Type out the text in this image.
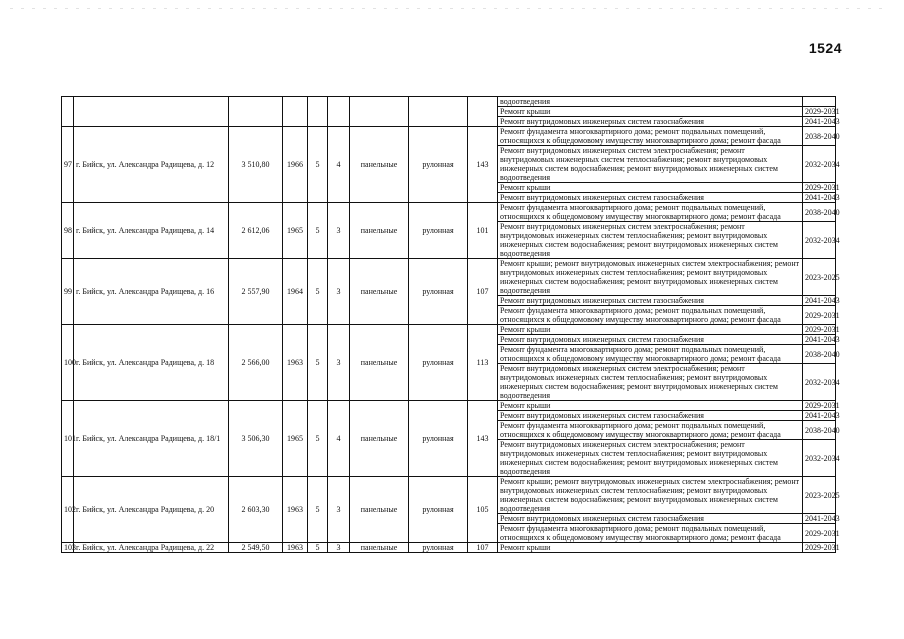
1524
									водоотведения	
									Ремонт крыши	2029-2031
									Ремонт внутридомовых инженерных систем газоснабжения	2041-2043
97	г. Бийск, ул. Александра Радищева, д. 12	3 510,80	1966	5	4	панельные	рулонная	143	Ремонт фундамента многоквартирного дома; ремонт подвальных помещений, относящихся к общедомовому имуществу многоквартирного дома; ремонт фасада	2038-2040
									Ремонт внутридомовых инженерных систем электроснабжения; ремонт внутридомовых инженерных систем теплоснабжения; ремонт внутридомовых инженерных систем водоснабжения; ремонт внутридомовых инженерных систем водоотведения	2032-2034
									Ремонт крыши	2029-2031
									Ремонт внутридомовых инженерных систем газоснабжения	2041-2043
98	г. Бийск, ул. Александра Радищева, д. 14	2 612,06	1965	5	3	панельные	рулонная	101	Ремонт фундамента многоквартирного дома; ремонт подвальных помещений, относящихся к общедомовому имуществу многоквартирного дома; ремонт фасада	2038-2040
									Ремонт внутридомовых инженерных систем электроснабжения; ремонт внутридомовых инженерных систем теплоснабжения; ремонт внутридомовых инженерных систем водоснабжения; ремонт внутридомовых инженерных систем водоотведения	2032-2034
99	г. Бийск, ул. Александра Радищева, д. 16	2 557,90	1964	5	3	панельные	рулонная	107	Ремонт крыши; ремонт внутридомовых инженерных систем электроснабжения; ремонт внутридомовых инженерных систем теплоснабжения; ремонт внутридомовых инженерных систем водоснабжения; ремонт внутридомовых инженерных систем водоотведения	2023-2025
									Ремонт внутридомовых инженерных систем газоснабжения	2041-2043
									Ремонт фундамента многоквартирного дома; ремонт подвальных помещений, относящихся к общедомовому имуществу многоквартирного дома; ремонт фасада	2029-2031
100	г. Бийск, ул. Александра Радищева, д. 18	2 566,00	1963	5	3	панельные	рулонная	113	Ремонт крыши	2029-2031
									Ремонт внутридомовых инженерных систем газоснабжения	2041-2043
									Ремонт фундамента многоквартирного дома; ремонт подвальных помещений, относящихся к общедомовому имуществу многоквартирного дома; ремонт фасада	2038-2040
									Ремонт внутридомовых инженерных систем электроснабжения; ремонт внутридомовых инженерных систем теплоснабжения; ремонт внутридомовых инженерных систем водоснабжения; ремонт внутридомовых инженерных систем водоотведения	2032-2034
101	г. Бийск, ул. Александра Радищева, д. 18/1	3 506,30	1965	5	4	панельные	рулонная	143	Ремонт крыши	2029-2031
									Ремонт внутридомовых инженерных систем газоснабжения	2041-2043
									Ремонт фундамента многоквартирного дома; ремонт подвальных помещений, относящихся к общедомовому имуществу многоквартирного дома; ремонт фасада	2038-2040
									Ремонт внутридомовых инженерных систем электроснабжения; ремонт внутридомовых инженерных систем теплоснабжения; ремонт внутридомовых инженерных систем водоснабжения; ремонт внутридомовых инженерных систем водоотведения	2032-2034
102	г. Бийск, ул. Александра Радищева, д. 20	2 603,30	1963	5	3	панельные	рулонная	105	Ремонт крыши; ремонт внутридомовых инженерных систем электроснабжения; ремонт внутридомовых инженерных систем теплоснабжения; ремонт внутридомовых инженерных систем водоснабжения; ремонт внутридомовых инженерных систем водоотведения	2023-2025
									Ремонт внутридомовых инженерных систем газоснабжения	2041-2043
									Ремонт фундамента многоквартирного дома; ремонт подвальных помещений, относящихся к общедомовому имуществу многоквартирного дома; ремонт фасада	2029-2031
103	г. Бийск, ул. Александра Радищева, д. 22	2 549,50	1963	5	3	панельные	рулонная	107	Ремонт крыши	2029-2031
